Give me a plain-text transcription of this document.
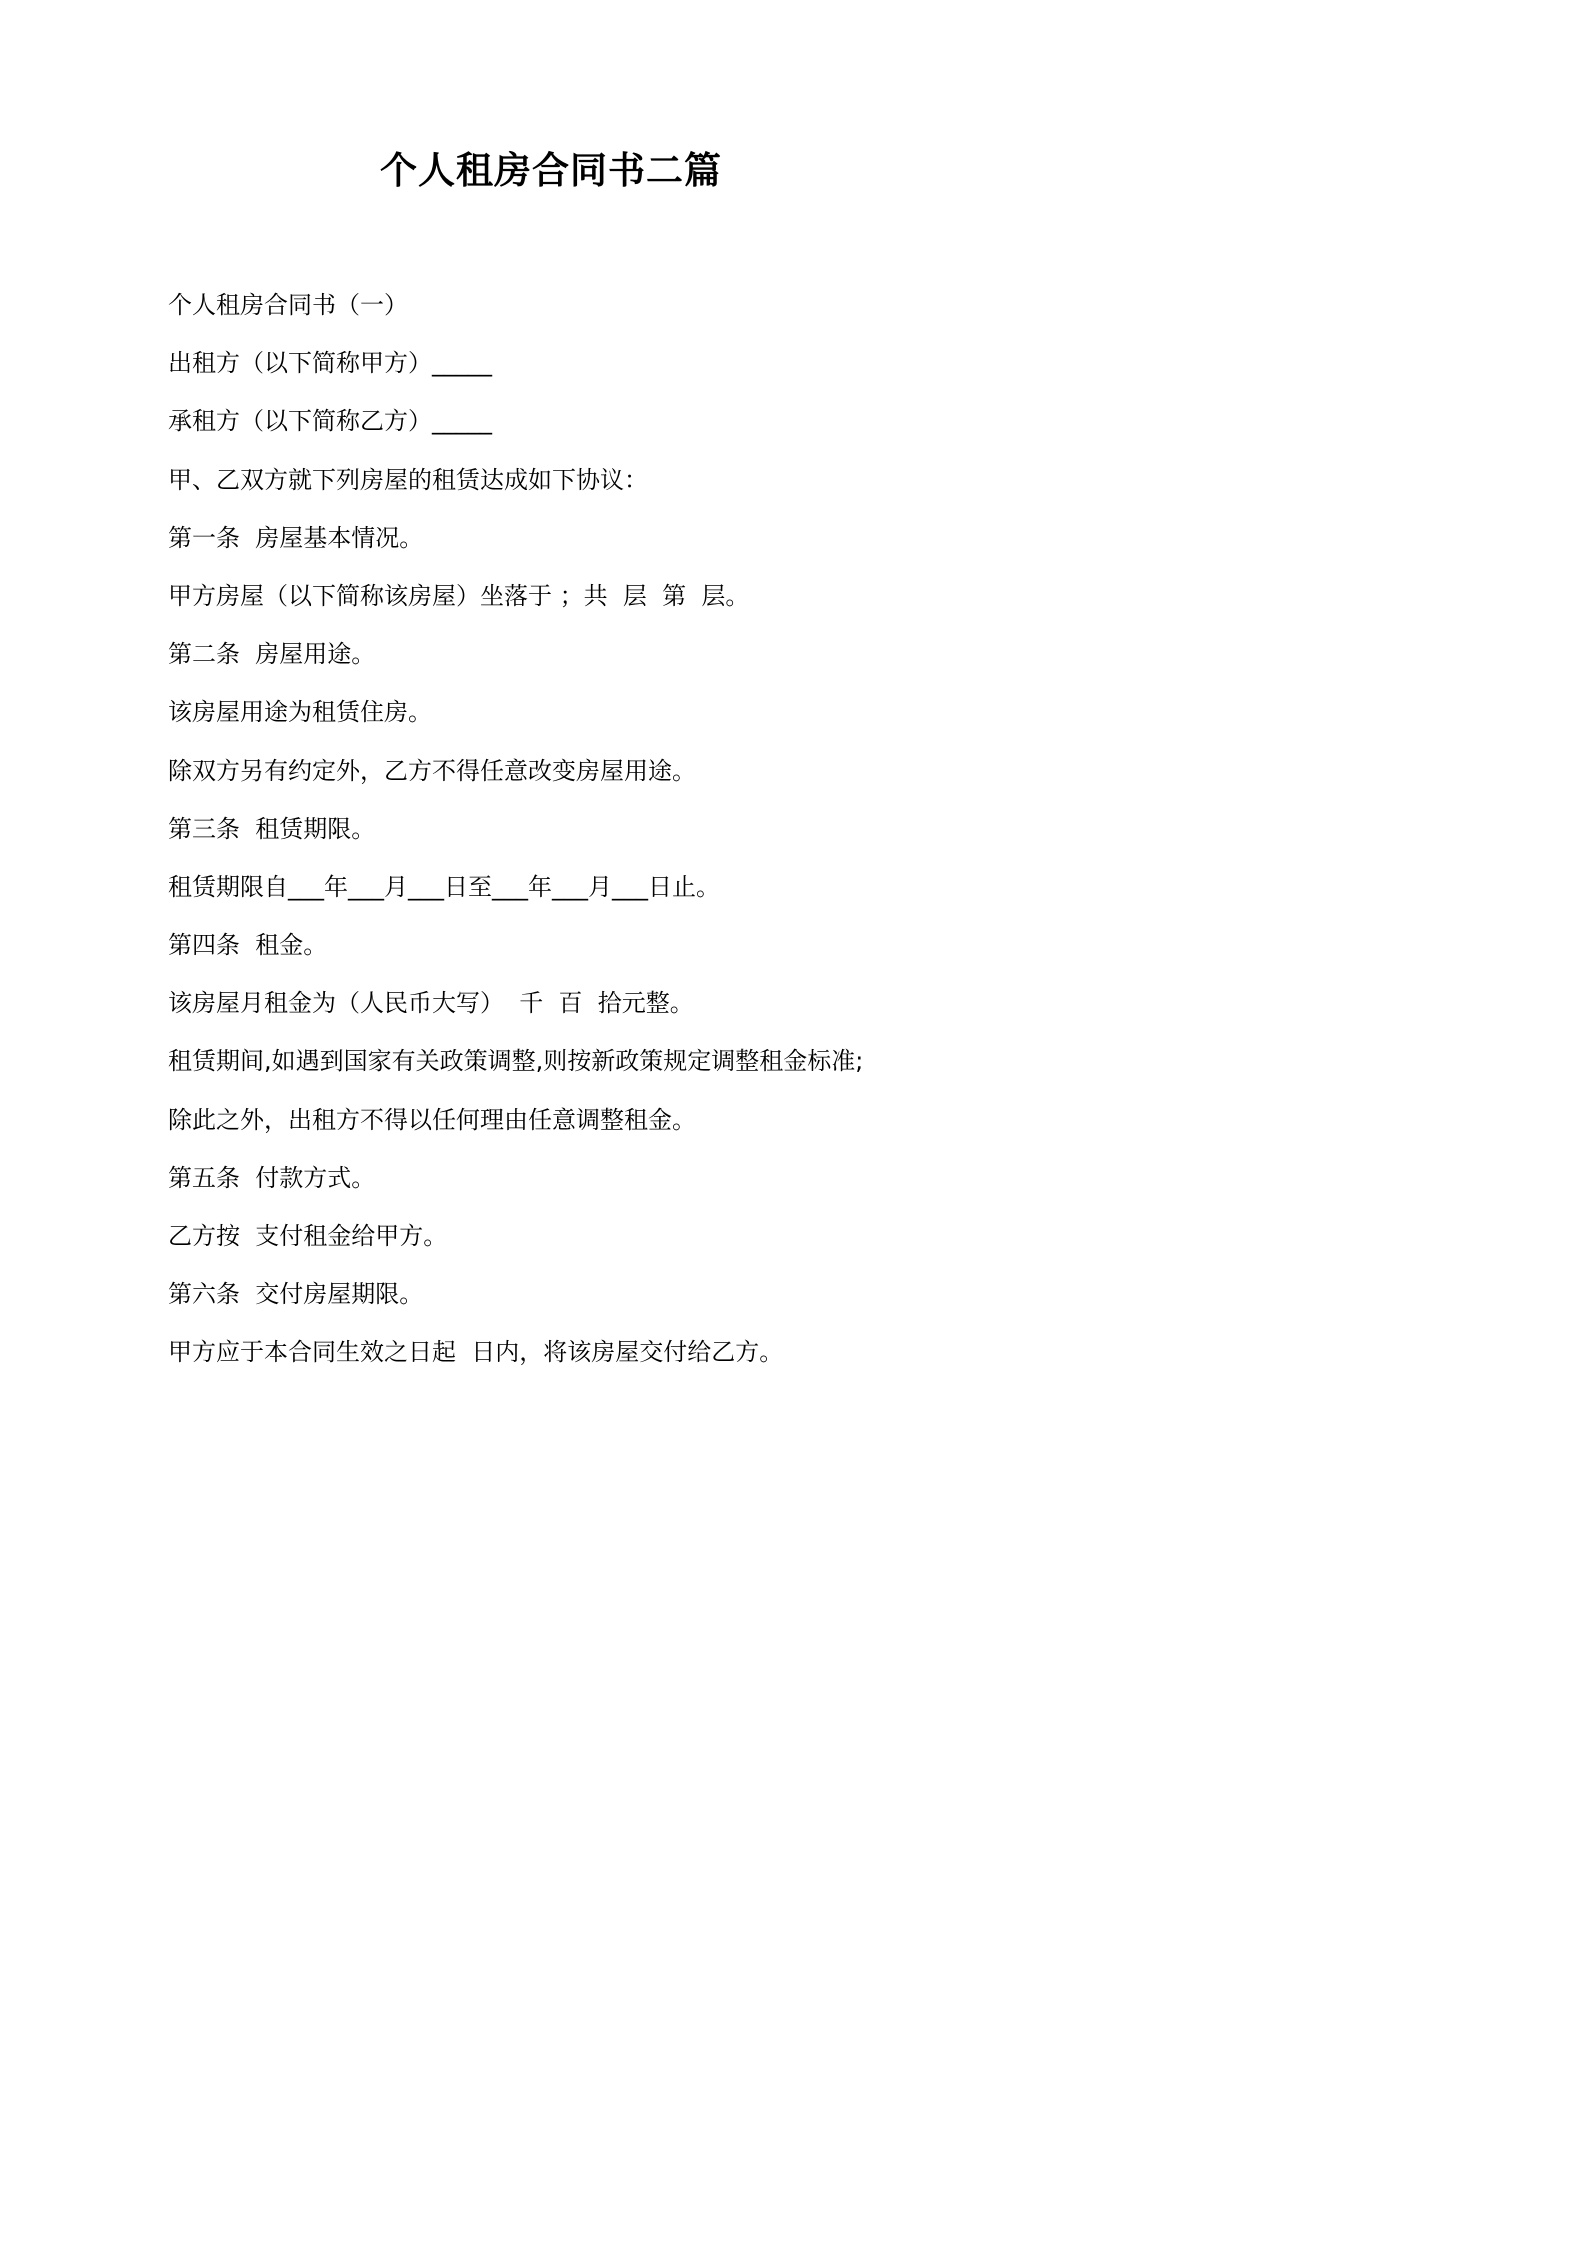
个人租房合同书二篇

个人租房合同书（一）

出租方（以下简称甲方）_____

承租方（以下简称乙方）_____

甲、乙双方就下列房屋的租赁达成如下协议：

第一条  房屋基本情况。

甲方房屋（以下简称该房屋）坐落于 ；共  层  第  层。

第二条  房屋用途。

该房屋用途为租赁住房。

除双方另有约定外，乙方不得任意改变房屋用途。

第三条  租赁期限。

租赁期限自___年___月___日至___年___月___日止。

第四条  租金。

该房屋月租金为（人民币大写）  千  百  拾元整。

租赁期间,如遇到国家有关政策调整,则按新政策规定调整租金标准;

除此之外，出租方不得以任何理由任意调整租金。

第五条  付款方式。

乙方按  支付租金给甲方。

第六条  交付房屋期限。

甲方应于本合同生效之日起  日内，将该房屋交付给乙方。
